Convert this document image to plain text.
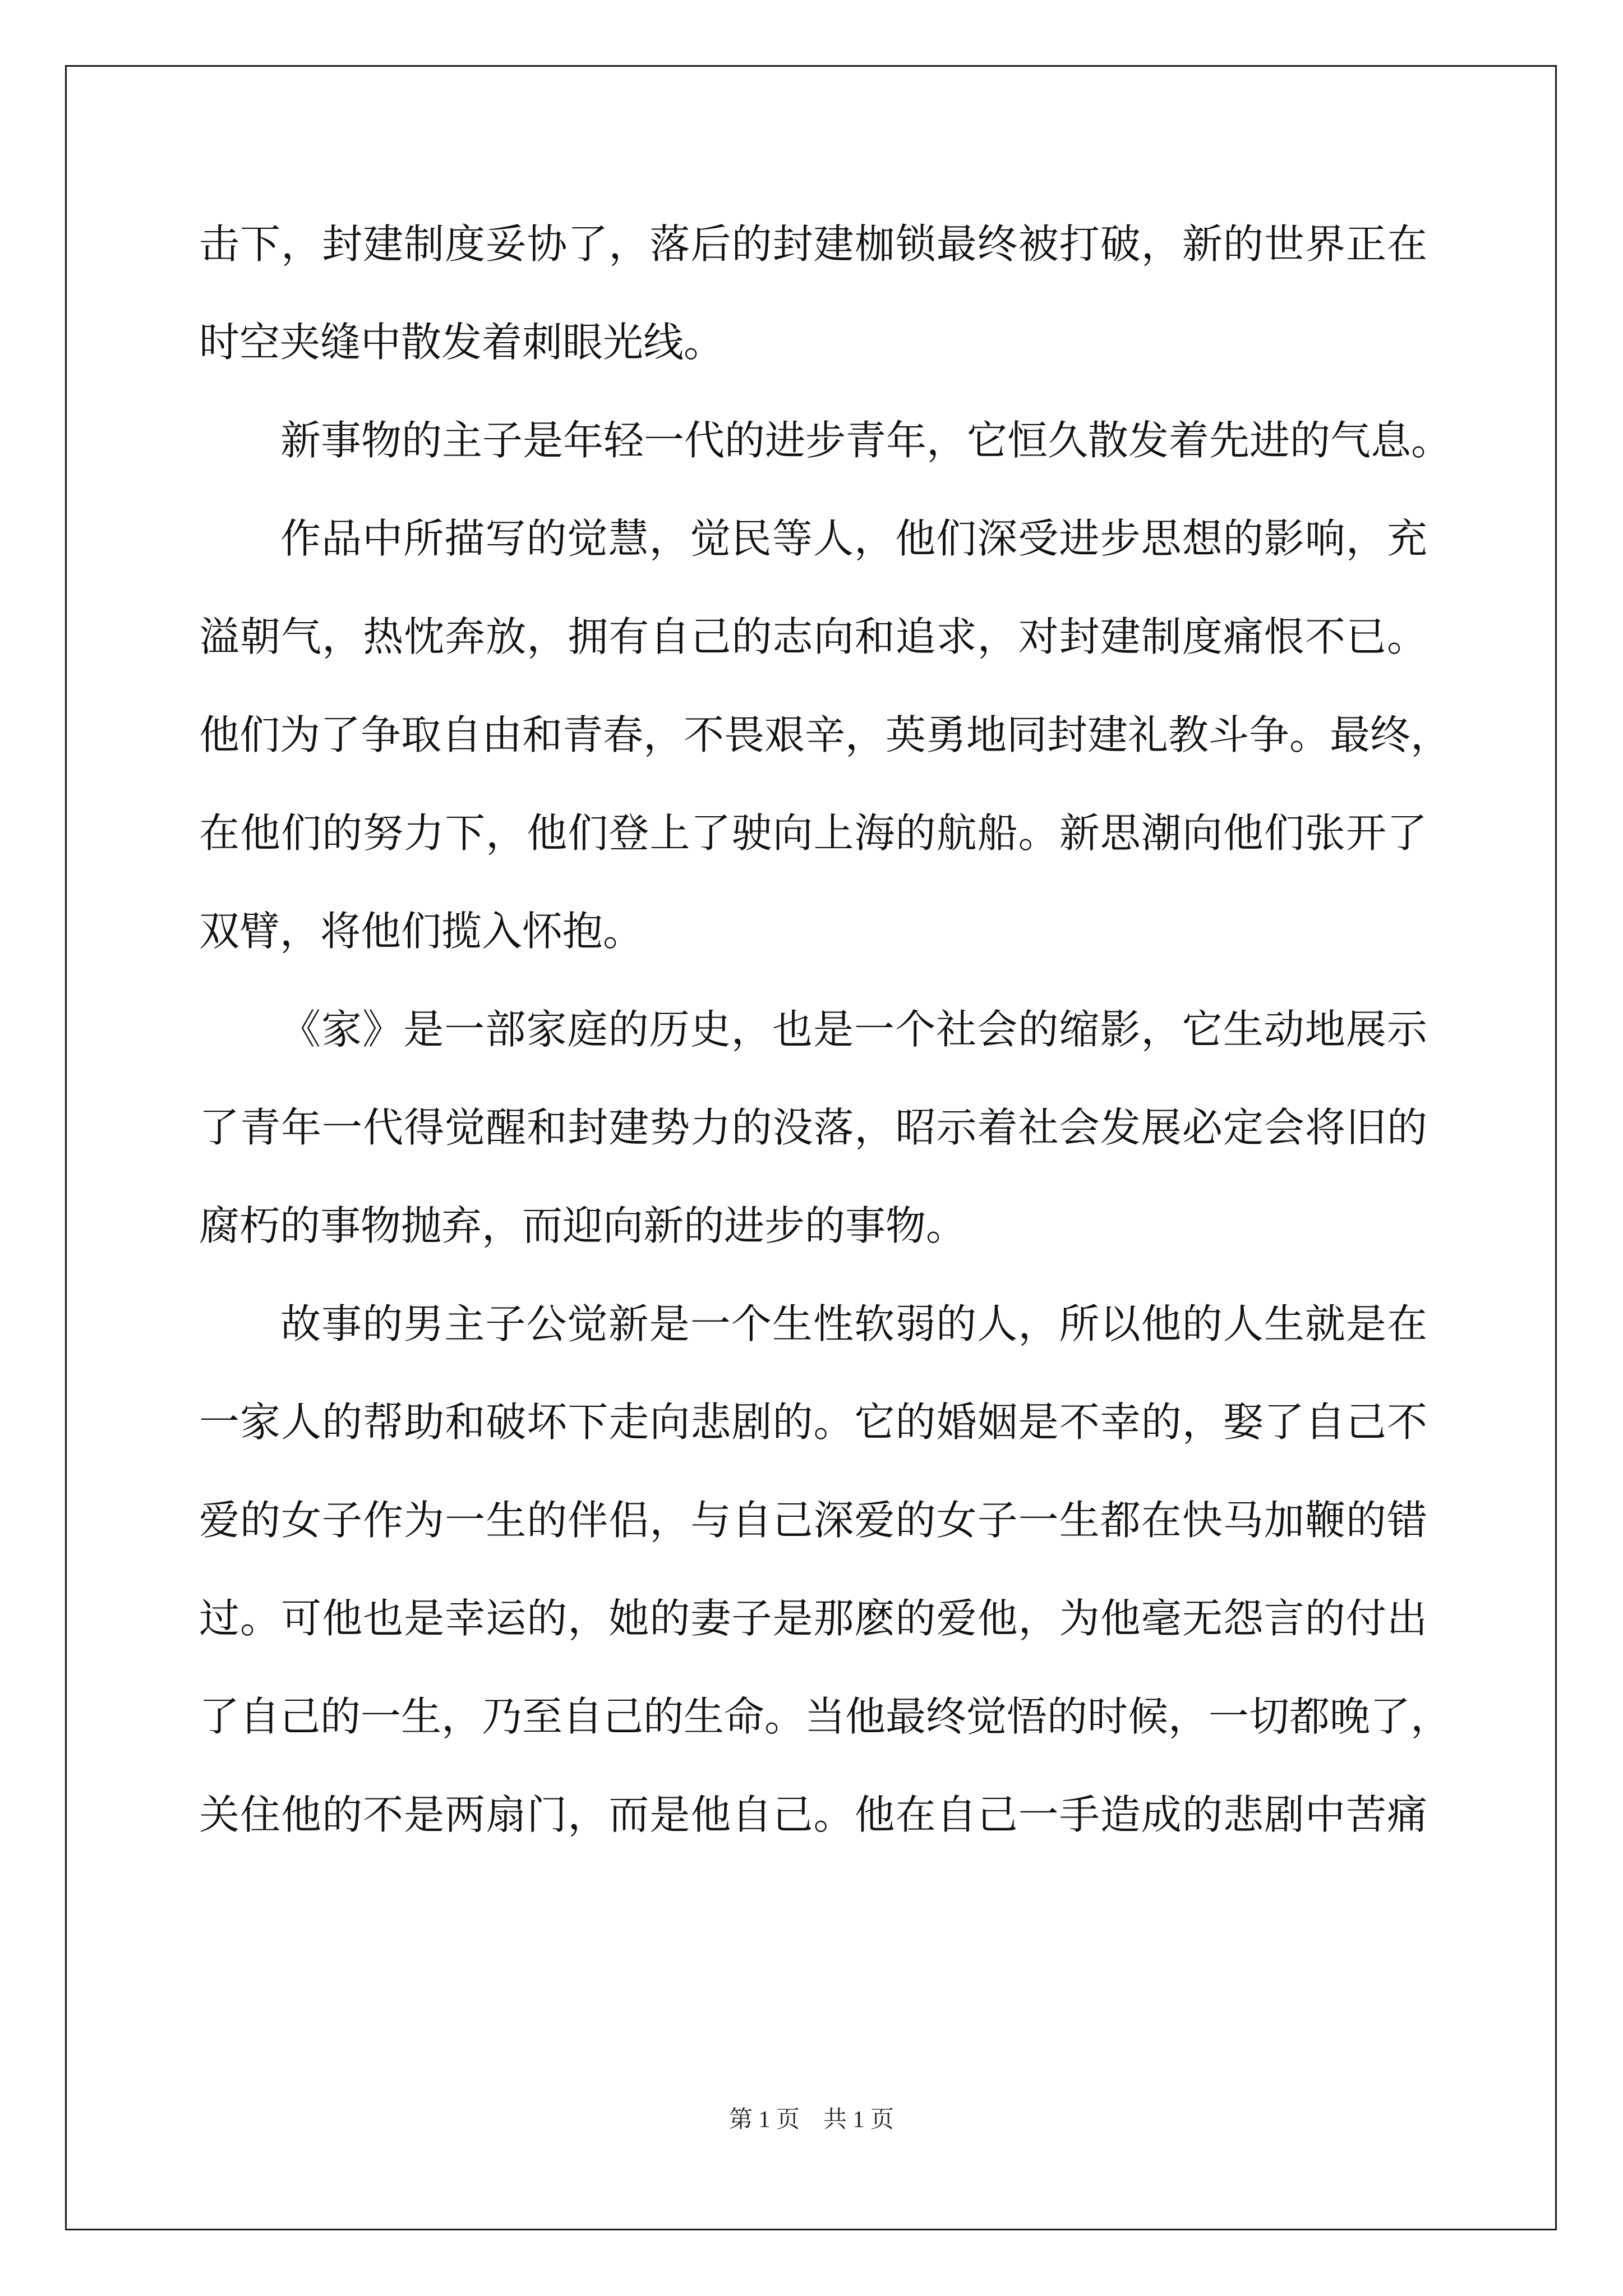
击下，封建制度妥协了，落后的封建枷锁最终被打破，新的世界正在
时空夹缝中散发着刺眼光线。
新事物的主子是年轻一代的进步青年，它恒久散发着先进的气息。
作品中所描写的觉慧，觉民等人，他们深受进步思想的影响，充
溢朝气，热忱奔放，拥有自己的志向和追求，对封建制度痛恨不已。
他们为了争取自由和青春，不畏艰辛，英勇地同封建礼教斗争。最终，
在他们的努力下，他们登上了驶向上海的航船。新思潮向他们张开了
双臂，将他们揽入怀抱。
《家》是一部家庭的历史，也是一个社会的缩影，它生动地展示
了青年一代得觉醒和封建势力的没落，昭示着社会发展必定会将旧的
腐朽的事物抛弃，而迎向新的进步的事物。
故事的男主子公觉新是一个生性软弱的人，所以他的人生就是在
一家人的帮助和破坏下走向悲剧的。它的婚姻是不幸的，娶了自己不
爱的女子作为一生的伴侣，与自己深爱的女子一生都在快马加鞭的错
过。可他也是幸运的，她的妻子是那麽的爱他，为他毫无怨言的付出
了自己的一生，乃至自己的生命。当他最终觉悟的时候，一切都晚了，
关住他的不是两扇门，而是他自己。他在自己一手造成的悲剧中苦痛
第 1 页　共 1 页
